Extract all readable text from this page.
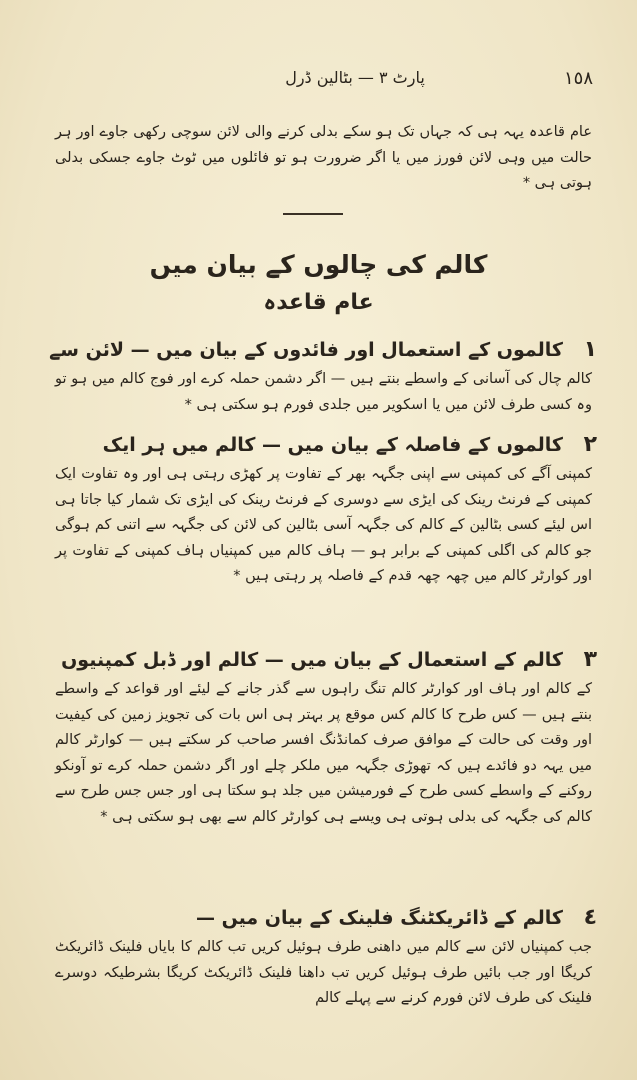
١٥٨
پارٹ ٣ — بٹالین ڈرل
عام قاعدہ یہہ ہی کہ جہاں تک ہو سکے بدلی کرنے والی لائن سوچی رکھی جاوے اور ہر حالت میں وہی لائن فورز میں یا اگر ضرورت ہو تو فائلوں میں ٹوٹ جاوے جسکی بدلی ہوتی ہی *
کالم کی چالوں کے بیان میں
عام قاعدہ
١ کالموں کے استعمال اور فائدوں کے بیان میں — لائن سے
کالم چال کی آسانی کے واسطے بنتے ہیں — اگر دشمن حملہ کرے اور فوج کالم میں ہو تو وہ کسی طرف لائن میں یا اسکویر میں جلدی فورم ہو سکتی ہی *
٢ کالموں کے فاصلہ کے بیان میں — کالم میں ہر ایک
کمپنی آگے کی کمپنی سے اپنی جگہہ بھر کے تفاوت پر کھڑی رہتی ہی اور وہ تفاوت ایک کمپنی کے فرنٹ رینک کی ایڑی سے دوسری کے فرنٹ رینک کی ایڑی تک شمار کیا جاتا ہی اس لیئے کسی بٹالین کے کالم کی جگہہ آسی بٹالین کی لائن کی جگہہ سے اتنی کم ہوگی جو کالم کی اگلی کمپنی کے برابر ہو — ہاف کالم میں کمپنیاں ہاف کمپنی کے تفاوت پر اور کوارٹر کالم میں چھہ چھہ قدم کے فاصلہ پر رہتی ہیں *
٣ کالم کے استعمال کے بیان میں — کالم اور ڈبل کمپنیوں
کے کالم اور ہاف اور کوارٹر کالم تنگ راہوں سے گذر جانے کے لیئے اور قواعد کے واسطے بنتے ہیں — کس طرح کا کالم کس موقع پر بہتر ہی اس بات کی تجویز زمین کی کیفیت اور وقت کی حالت کے موافق صرف کمانڈنگ افسر صاحب کر سکتے ہیں — کوارٹر کالم میں یہہ دو فائدے ہیں کہ تھوڑی جگہہ میں ملکر چلے اور اگر دشمن حملہ کرے تو آونکو روکنے کے واسطے کسی طرح کے فورمیشن میں جلد ہو سکتا ہی اور جس جس طرح سے کالم کی جگہہ کی بدلی ہوتی ہی ویسے ہی کوارٹر کالم سے بھی ہو سکتی ہی *
٤ کالم کے ڈائریکٹنگ فلینک کے بیان میں —
جب کمپنیاں لائن سے کالم میں داھنی طرف ہوئیل کریں تب کالم کا بایاں فلینک ڈائریکٹ کریگا اور جب بائیں طرف ہوئیل کریں تب داھنا فلینک ڈائریکٹ کریگا بشرطیکہ دوسرے فلینک کی طرف لائن فورم کرنے سے پہلے کالم
